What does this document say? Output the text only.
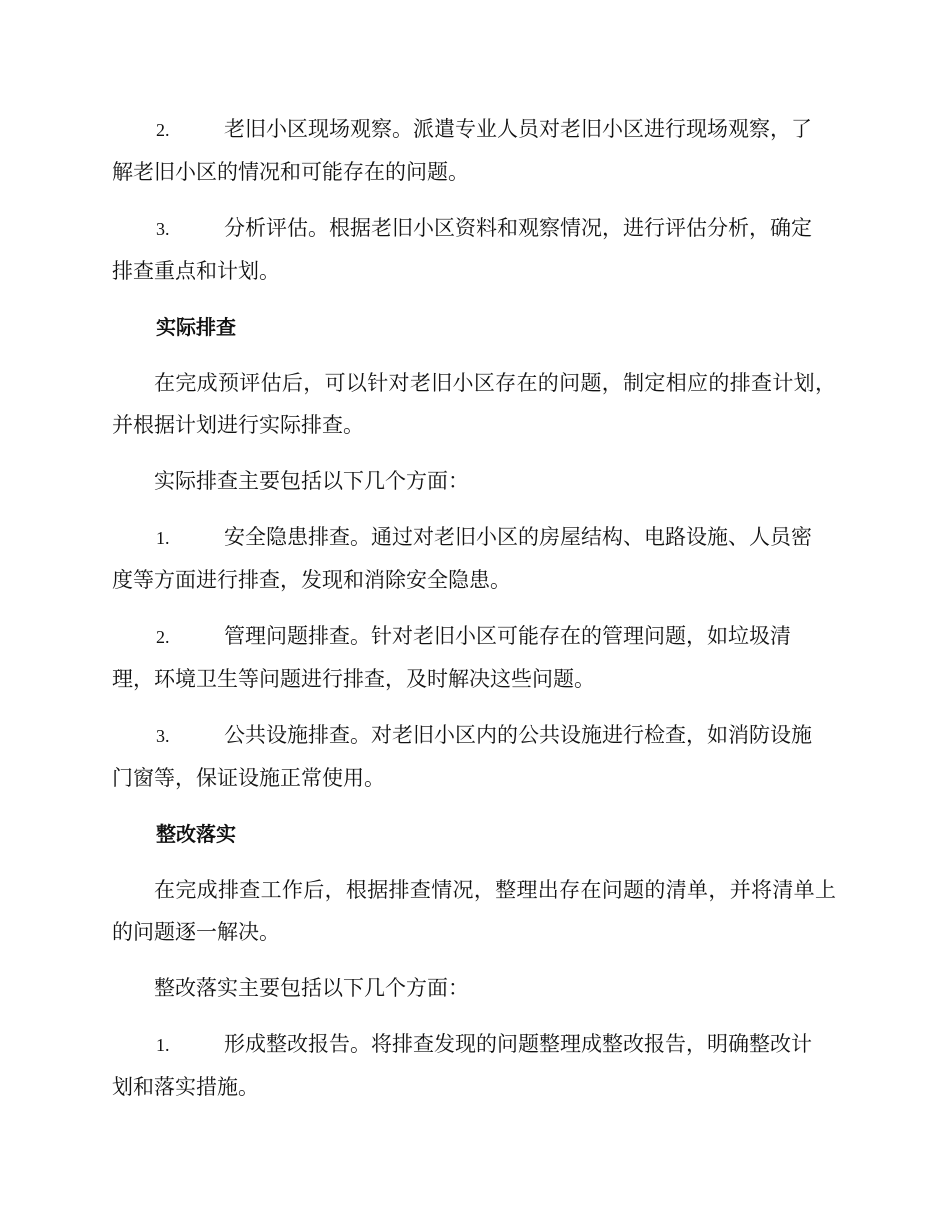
2.	老旧小区现场观察。派遣专业人员对老旧小区进行现场观察，了
解老旧小区的情况和可能存在的问题。
3.	分析评估。根据老旧小区资料和观察情况，进行评估分析，确定
排查重点和计划。
实际排查

在完成预评估后，可以针对老旧小区存在的问题，制定相应的排查计划，并根据计划进行实际排查。

实际排查主要包括以下几个方面：

1.	安全隐患排查。通过对老旧小区的房屋结构、电路设施、人员密
度等方面进行排查，发现和消除安全隐患。
2.	管理问题排查。针对老旧小区可能存在的管理问题，如垃圾清
理，环境卫生等问题进行排查，及时解决这些问题。
3.	公共设施排查。对老旧小区内的公共设施进行检查，如消防设施
门窗等，保证设施正常使用。
整改落实

在完成排查工作后，根据排查情况，整理出存在问题的清单，并将清单上的问题逐一解决。

整改落实主要包括以下几个方面：

1.	形成整改报告。将排查发现的问题整理成整改报告，明确整改计
划和落实措施。
